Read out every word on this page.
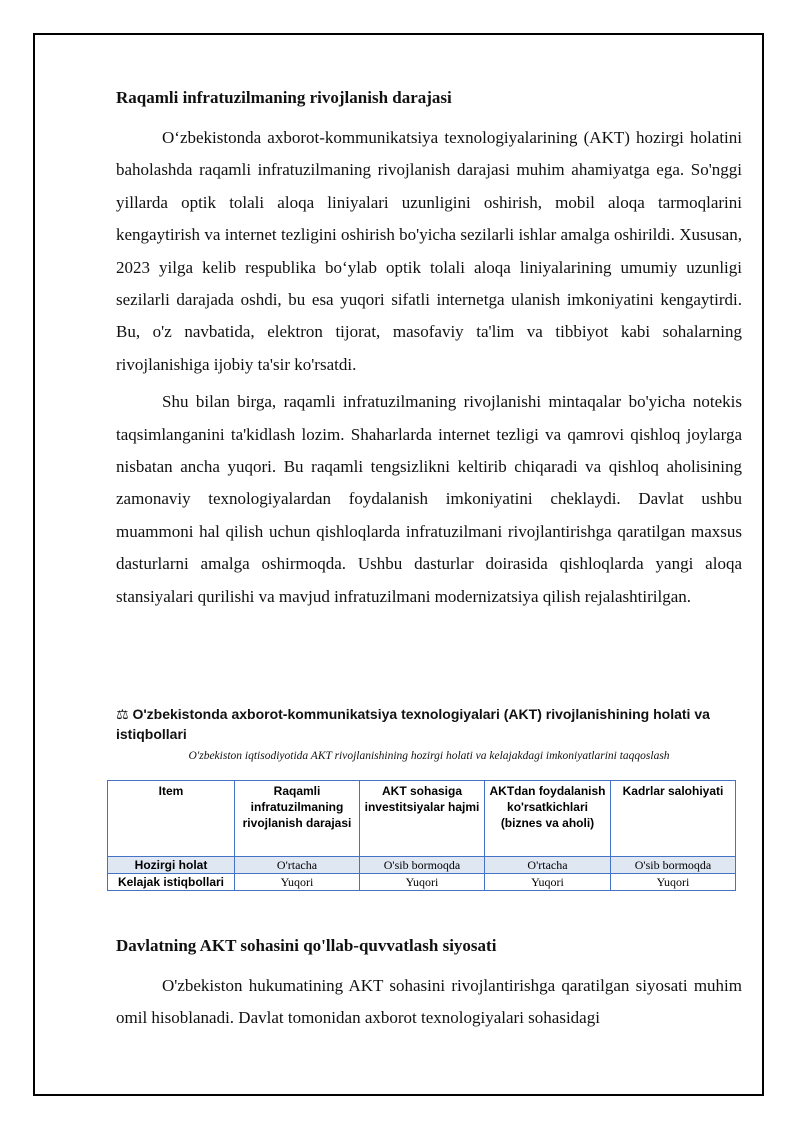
Raqamli infratuzilmaning rivojlanish darajasi

O‘zbekistonda axborot-kommunikatsiya texnologiyalarining (AKT) hozirgi holatini baholashda raqamli infratuzilmaning rivojlanish darajasi muhim ahamiyatga ega. So'nggi yillarda optik tolali aloqa liniyalari uzunligini oshirish, mobil aloqa tarmoqlarini kengaytirish va internet tezligini oshirish bo'yicha sezilarli ishlar amalga oshirildi. Xususan, 2023 yilga kelib respublika bo‘ylab optik tolali aloqa liniyalarining umumiy uzunligi sezilarli darajada oshdi, bu esa yuqori sifatli internetga ulanish imkoniyatini kengaytirdi. Bu, o'z navbatida, elektron tijorat, masofaviy ta'lim va tibbiyot kabi sohalarning rivojlanishiga ijobiy ta'sir ko'rsatdi.

Shu bilan birga, raqamli infratuzilmaning rivojlanishi mintaqalar bo'yicha notekis taqsimlanganini ta'kidlash lozim. Shaharlarda internet tezligi va qamrovi qishloq joylarga nisbatan ancha yuqori. Bu raqamli tengsizlikni keltirib chiqaradi va qishloq aholisining zamonaviy texnologiyalardan foydalanish imkoniyatini cheklaydi. Davlat ushbu muammoni hal qilish uchun qishloqlarda infratuzilmani rivojlantirishga qaratilgan maxsus dasturlarni amalga oshirmoqda. Ushbu dasturlar doirasida qishloqlarda yangi aloqa stansiyalari qurilishi va mavjud infratuzilmani modernizatsiya qilish rejalashtirilgan.

⚖ O'zbekistonda axborot-kommunikatsiya texnologiyalari (AKT) rivojlanishining holati va istiqbollari
O'zbekiston iqtisodiyotida AKT rivojlanishining hozirgi holati va kelajakdagi imkoniyatlarini taqqoslash
Item	Raqamli infratuzilmaning rivojlanish darajasi	AKT sohasiga investitsiyalar hajmi	AKTdan foydalanish ko'rsatkichlari (biznes va aholi)	Kadrlar salohiyati
Hozirgi holat	O'rtacha	O'sib bormoqda	O'rtacha	O'sib bormoqda
Kelajak istiqbollari	Yuqori	Yuqori	Yuqori	Yuqori
Davlatning AKT sohasini qo'llab-quvvatlash siyosati

O'zbekiston hukumatining AKT sohasini rivojlantirishga qaratilgan siyosati muhim omil hisoblanadi. Davlat tomonidan axborot texnologiyalari sohasidagi
